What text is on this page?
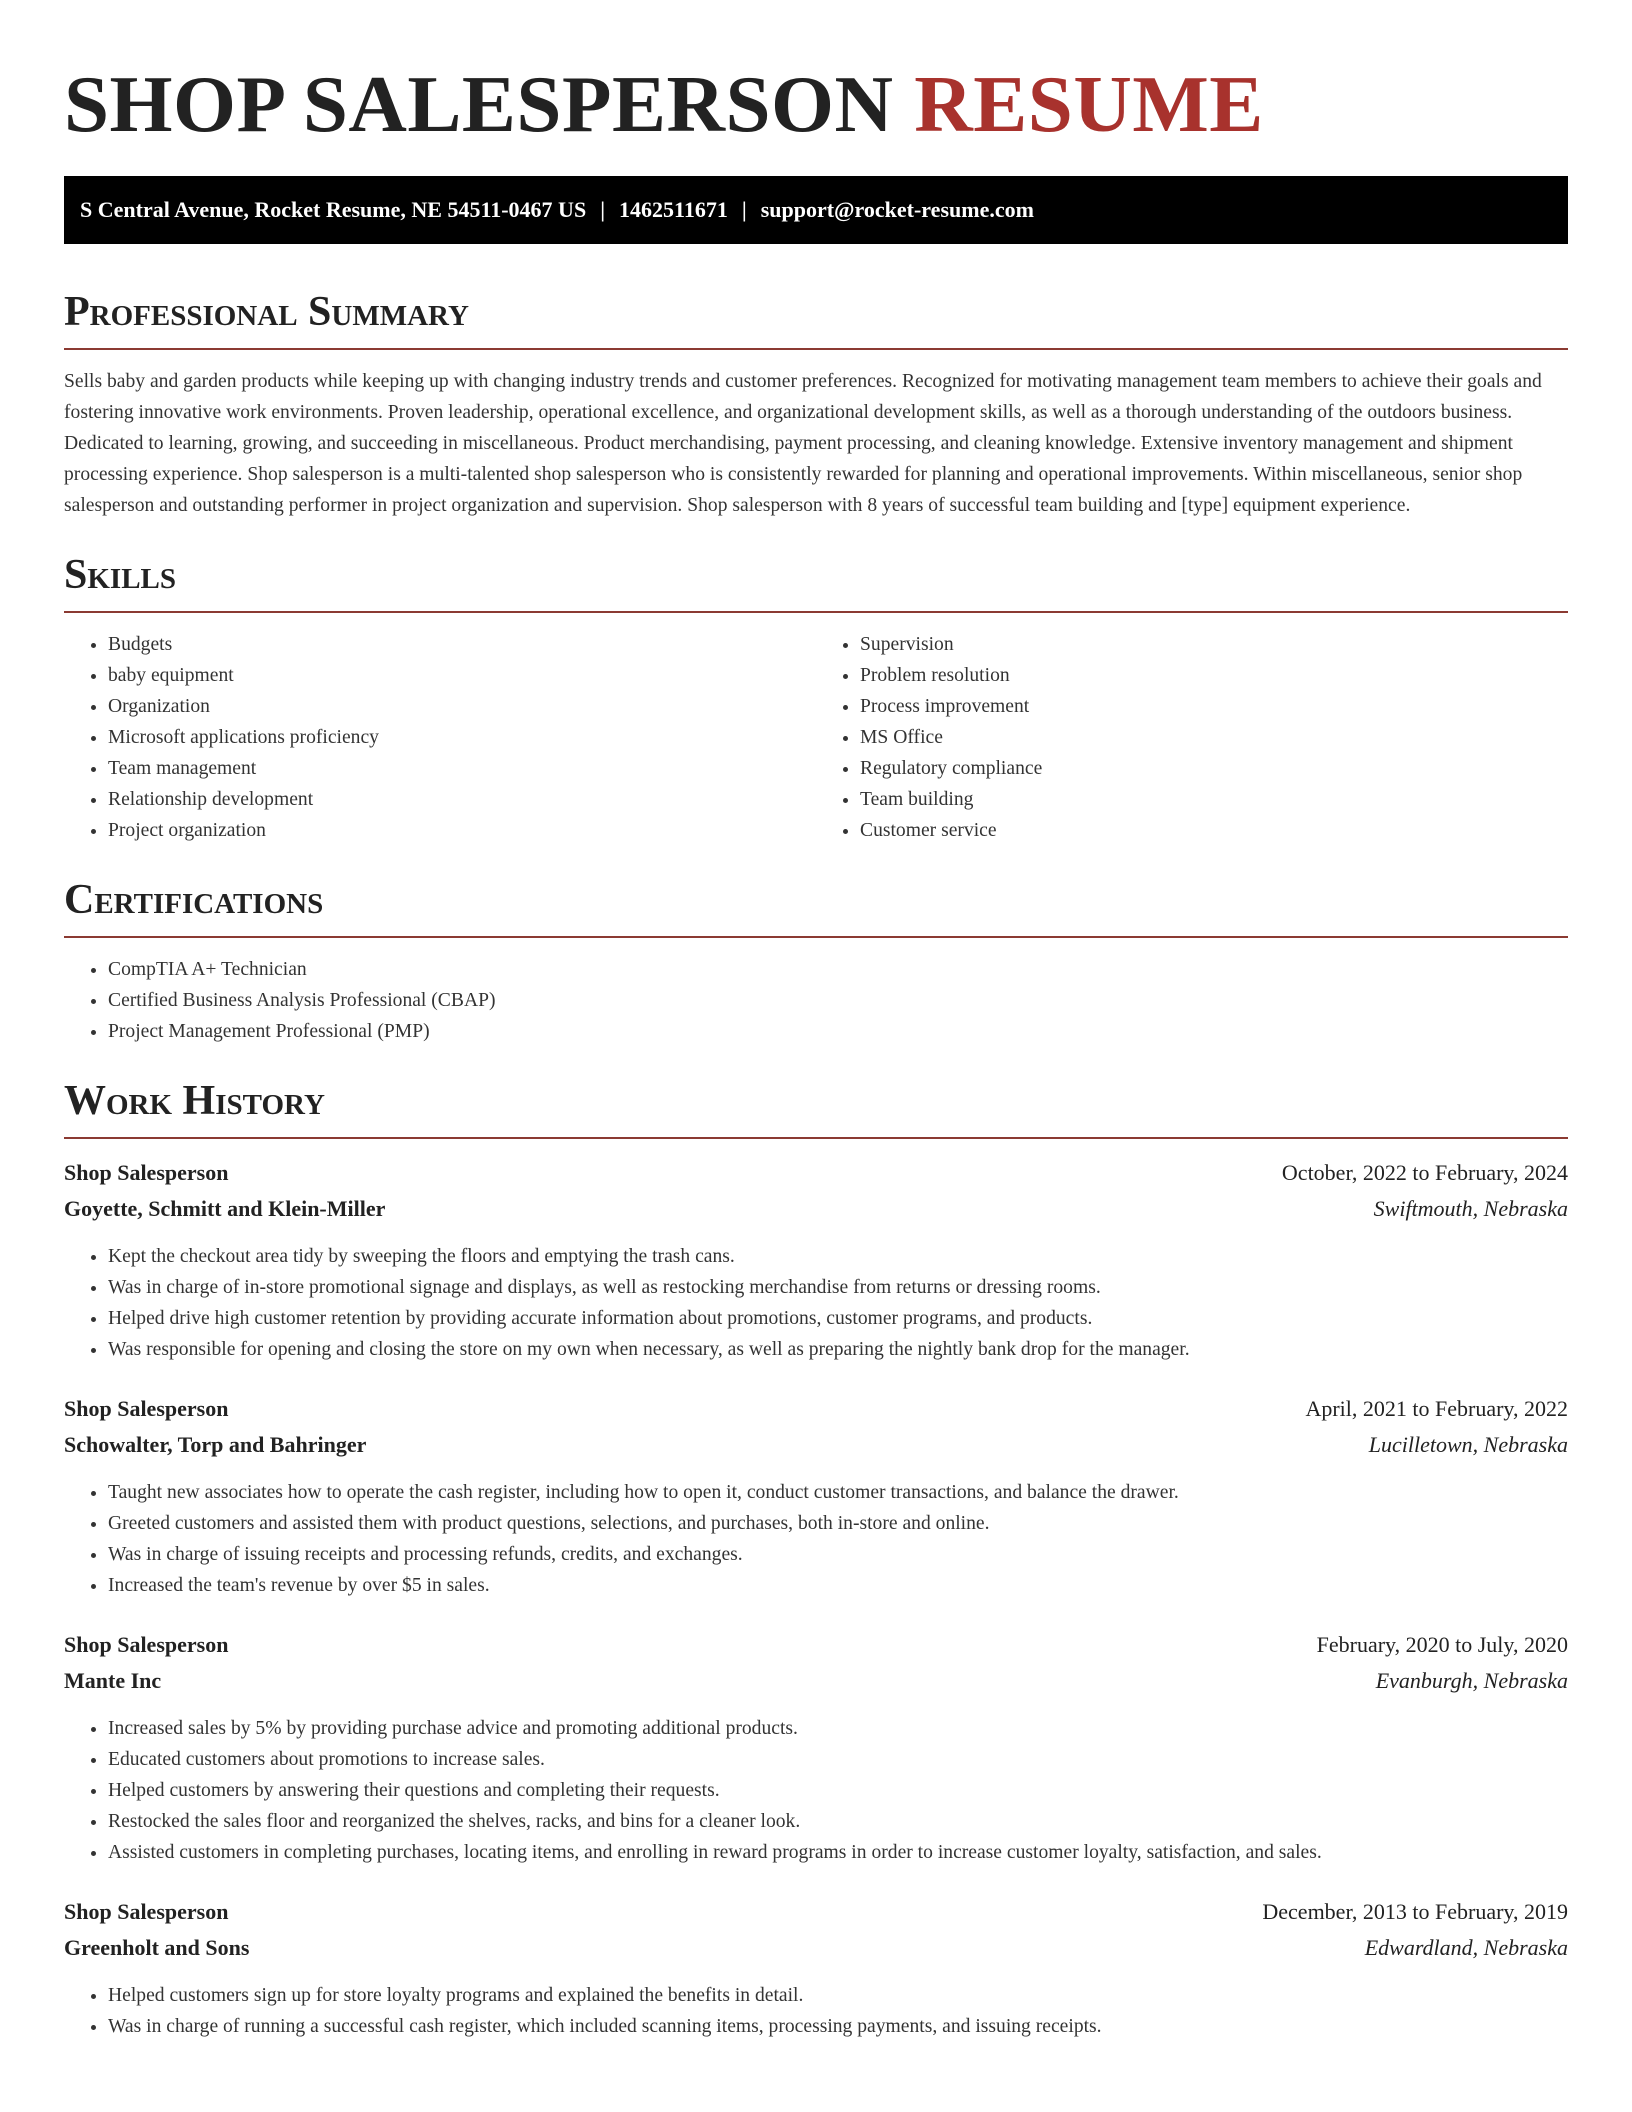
SHOP SALESPERSON RESUME
S Central Avenue, Rocket Resume, NE 54511-0467 US | 1462511671 | support@rocket-resume.com
Professional Summary

Sells baby and garden products while keeping up with changing industry trends and customer preferences. Recognized for motivating management team members to achieve their goals and fostering innovative work environments. Proven leadership, operational excellence, and organizational development skills, as well as a thorough understanding of the outdoors business. Dedicated to learning, growing, and succeeding in miscellaneous. Product merchandising, payment processing, and cleaning knowledge. Extensive inventory management and shipment processing experience. Shop salesperson is a multi-talented shop salesperson who is consistently rewarded for planning and operational improvements. Within miscellaneous, senior shop salesperson and outstanding performer in project organization and supervision. Shop salesperson with 8 years of successful team building and [type] equipment experience.

Skills
• Budgets
• baby equipment
• Organization
• Microsoft applications proficiency
• Team management
• Relationship development
• Project organization
• Supervision
• Problem resolution
• Process improvement
• MS Office
• Regulatory compliance
• Team building
• Customer service
Certifications
• CompTIA A+ Technician
• Certified Business Analysis Professional (CBAP)
• Project Management Professional (PMP)
Work History
Shop Salesperson	October, 2022 to February, 2024
Goyette, Schmitt and Klein-Miller	Swiftmouth, Nebraska
• Kept the checkout area tidy by sweeping the floors and emptying the trash cans.
• Was in charge of in-store promotional signage and displays, as well as restocking merchandise from returns or dressing rooms.
• Helped drive high customer retention by providing accurate information about promotions, customer programs, and products.
• Was responsible for opening and closing the store on my own when necessary, as well as preparing the nightly bank drop for the manager.
Shop Salesperson	April, 2021 to February, 2022
Schowalter, Torp and Bahringer	Lucilletown, Nebraska
• Taught new associates how to operate the cash register, including how to open it, conduct customer transactions, and balance the drawer.
• Greeted customers and assisted them with product questions, selections, and purchases, both in-store and online.
• Was in charge of issuing receipts and processing refunds, credits, and exchanges.
• Increased the team's revenue by over $5 in sales.
Shop Salesperson	February, 2020 to July, 2020
Mante Inc	Evanburgh, Nebraska
• Increased sales by 5% by providing purchase advice and promoting additional products.
• Educated customers about promotions to increase sales.
• Helped customers by answering their questions and completing their requests.
• Restocked the sales floor and reorganized the shelves, racks, and bins for a cleaner look.
• Assisted customers in completing purchases, locating items, and enrolling in reward programs in order to increase customer loyalty, satisfaction, and sales.
Shop Salesperson	December, 2013 to February, 2019
Greenholt and Sons	Edwardland, Nebraska
• Helped customers sign up for store loyalty programs and explained the benefits in detail.
• Was in charge of running a successful cash register, which included scanning items, processing payments, and issuing receipts.
